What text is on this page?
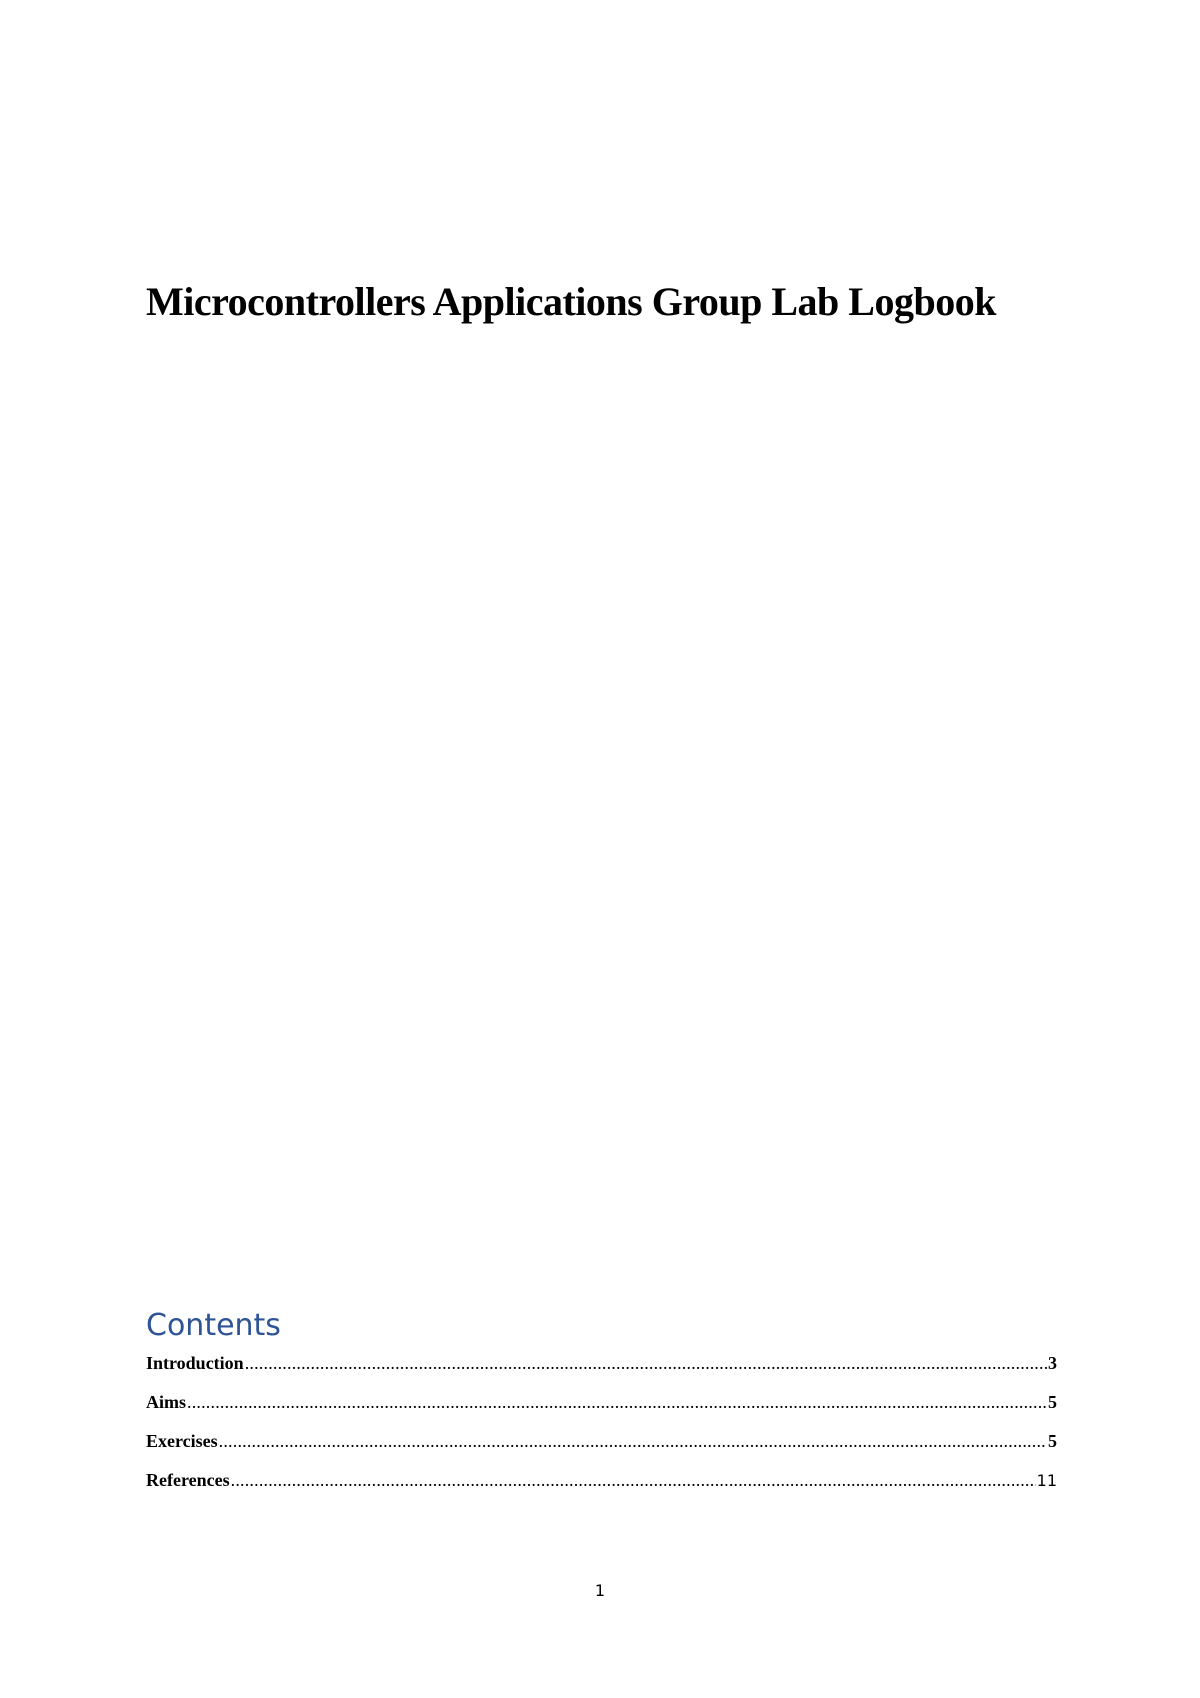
Microcontrollers Applications Group Lab Logbook
Contents
Introduction .....	3
Aims .....	5
Exercises .....	5
References .....	11
1
